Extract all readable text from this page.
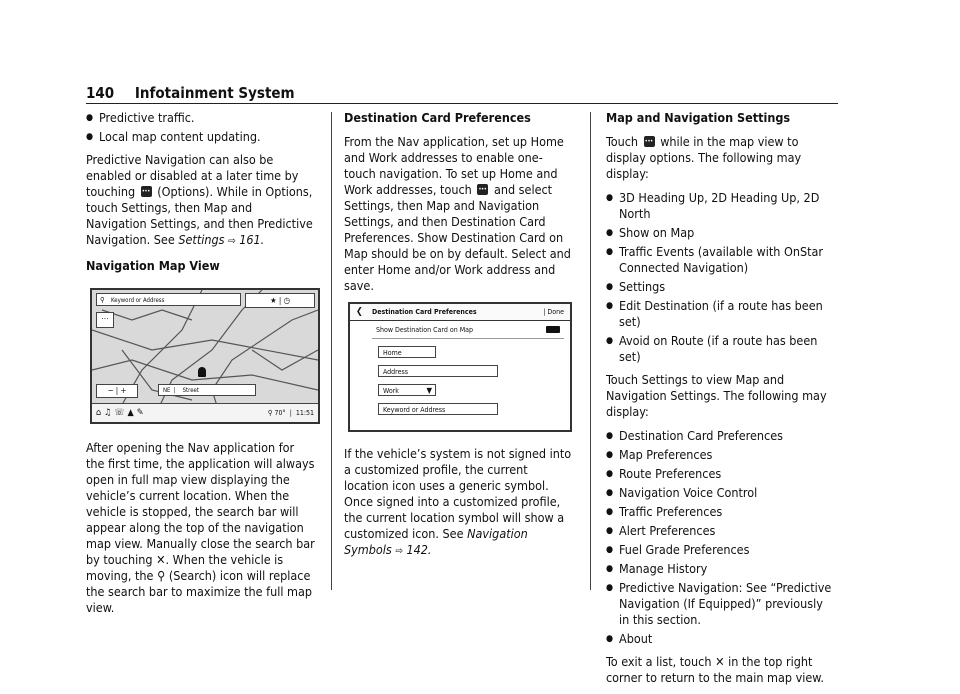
140 Infotainment System
● Predictive traffic.
● Local map content updating.

Predictive Navigation can also be enabled or disabled at a later time by touching ••• (Options). While in Options, touch Settings, then Map and Navigation Settings, and then Predictive Navigation. See Settings ⇨ 161.

Navigation Map View
⚲ Keyword or Address	★ | ◷
⋯
− | +	NE  |    Street
⌂♫☏▲✎	⚲ 70°  |  11:51

After opening the Nav application for the first time, the application will always open in full map view displaying the vehicle’s current location. When the vehicle is stopped, the search bar will appear along the top of the navigation map view. Manually close the search bar by touching ✕. When the vehicle is moving, the ⚲ (Search) icon will replace the search bar to maximize the full map view.

Destination Card Preferences

From the Nav application, set up Home and Work addresses to enable one-touch navigation. To set up Home and Work addresses, touch ••• and select Settings, then Map and Navigation Settings, and then Destination Card Preferences. Show Destination Card on Map should be on by default. Select and enter Home and/or Work address and save.

❮ Destination Card Preferences	| Done
Show Destination Card on Map
Home
Address
Work	▼
Keyword or Address

If the vehicle’s system is not signed into a customized profile, the current location icon uses a generic symbol. Once signed into a customized profile, the current location symbol will show a customized icon. See Navigation Symbols ⇨ 142.

Map and Navigation Settings

Touch ••• while in the map view to display options. The following may display:

● 3D Heading Up, 2D Heading Up, 2D North
● Show on Map
● Traffic Events (available with OnStar Connected Navigation)
● Settings
● Edit Destination (if a route has been set)
● Avoid on Route (if a route has been set)

Touch Settings to view Map and Navigation Settings. The following may display:

● Destination Card Preferences
● Map Preferences
● Route Preferences
● Navigation Voice Control
● Traffic Preferences
● Alert Preferences
● Fuel Grade Preferences
● Manage History
● Predictive Navigation: See “Predictive Navigation (If Equipped)” previously in this section.
● About

To exit a list, touch ✕ in the top right corner to return to the main map view.
